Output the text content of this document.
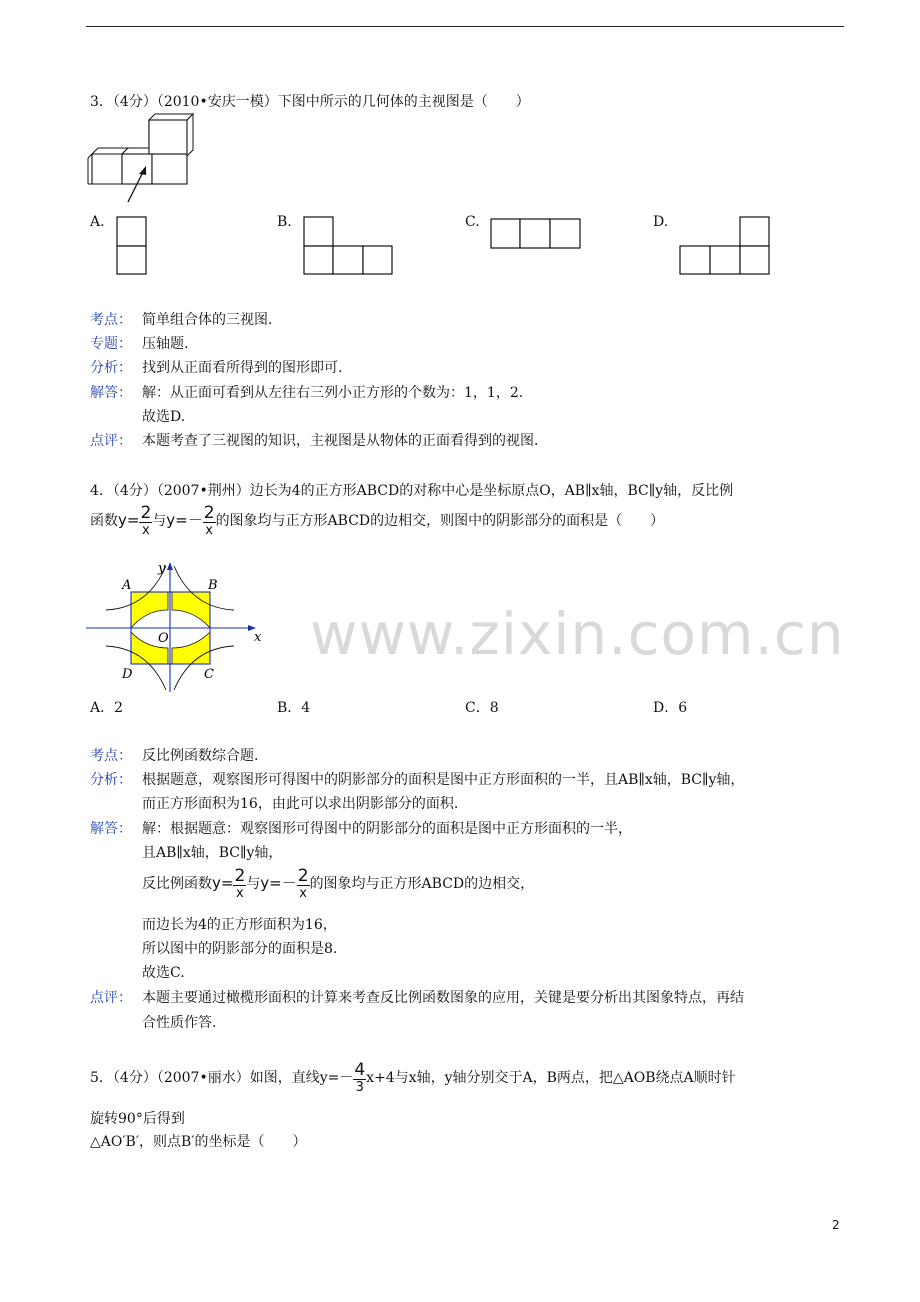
3．（4分）（2010•安庆一模）下图中所示的几何体的主视图是（　　）
A.	B.	C.	D.
考点： 简单组合体的三视图.
专题： 压轴题.
分析： 找到从正面看所得到的图形即可.
解答： 解：从正面可看到从左往右三列小正方形的个数为：1，1，2.
故选D.
点评： 本题考查了三视图的知识，主视图是从物体的正面看得到的视图.
4．（4分）（2007•荆州）边长为4的正方形ABCD的对称中心是坐标原点O，AB∥x轴，BC∥y轴，反比例
函数$y= \frac{2}{x}$ 与$y=- \frac{2}{x}$ 的图象均与正方形ABCD的边相交，则图中的阴影部分的面积是（　　）
y
x
A	B
O
D	C
A．2	B．4	C．8	D．6
考点： 反比例函数综合题.
分析： 根据题意，观察图形可得图中的阴影部分的面积是图中正方形面积的一半，且AB∥x轴，BC∥y轴，
而正方形面积为16，由此可以求出阴影部分的面积.
解答： 解：根据题意：观察图形可得图中的阴影部分的面积是图中正方形面积的一半，
且AB∥x轴，BC∥y轴，
反比例函数$y= \frac{2}{x}$ 与$y=- \frac{2}{x}$ 的图象均与正方形ABCD的边相交，
而边长为4的正方形面积为16，
所以图中的阴影部分的面积是8.
故选C.
点评： 本题主要通过橄榄形面积的计算来考查反比例函数图象的应用，关键是要分析出其图象特点，再结
合性质作答.
5．（4分）（2007•丽水）如图，直线$y=- \frac{4}{3} x+4$与x轴，y轴分别交于A，B两点，把△AOB绕点A顺时针
旋转90°后得到
△AO′B′，则点B′的坐标是（　　）
www.zixin.com.cn
2
